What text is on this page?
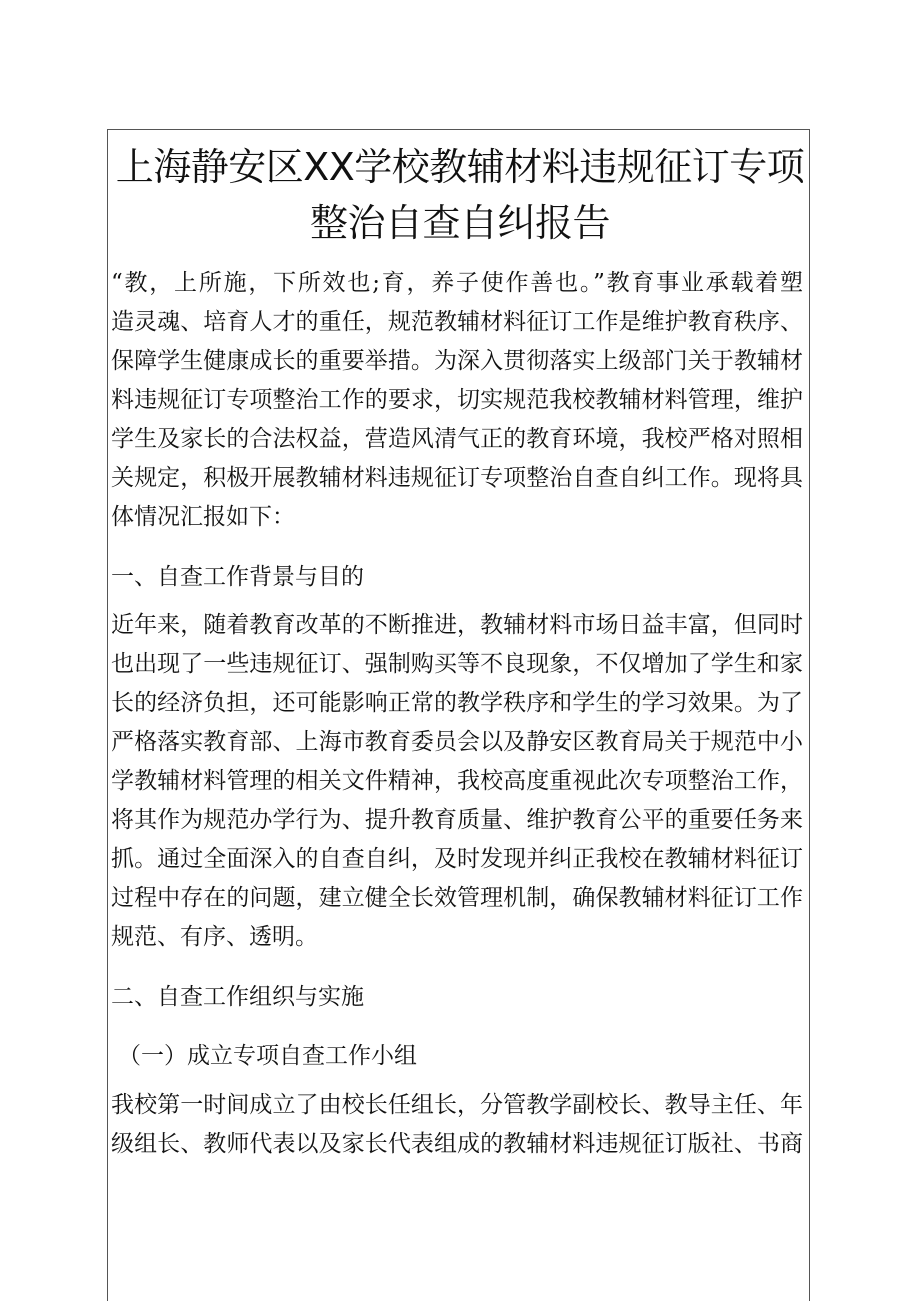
上海静安区XX学校教辅材料违规征订专项
整治自查自纠报告
“教，上所施，下所效也;育，养子使作善也。”教育事业承载着塑
造灵魂、培育人才的重任，规范教辅材料征订工作是维护教育秩序、
保障学生健康成长的重要举措。为深入贯彻落实上级部门关于教辅材
料违规征订专项整治工作的要求，切实规范我校教辅材料管理，维护
学生及家长的合法权益，营造风清气正的教育环境，我校严格对照相
关规定，积极开展教辅材料违规征订专项整治自查自纠工作。现将具
体情况汇报如下：
一、自查工作背景与目的
近年来，随着教育改革的不断推进，教辅材料市场日益丰富，但同时
也出现了一些违规征订、强制购买等不良现象，不仅增加了学生和家
长的经济负担，还可能影响正常的教学秩序和学生的学习效果。为了
严格落实教育部、上海市教育委员会以及静安区教育局关于规范中小
学教辅材料管理的相关文件精神，我校高度重视此次专项整治工作，
将其作为规范办学行为、提升教育质量、维护教育公平的重要任务来
抓。通过全面深入的自查自纠，及时发现并纠正我校在教辅材料征订
过程中存在的问题，建立健全长效管理机制，确保教辅材料征订工作
规范、有序、透明。
二、自查工作组织与实施
（一）成立专项自查工作小组
我校第一时间成立了由校长任组长，分管教学副校长、教导主任、年
级组长、教师代表以及家长代表组成的教辅材料违规征订版社、书商
